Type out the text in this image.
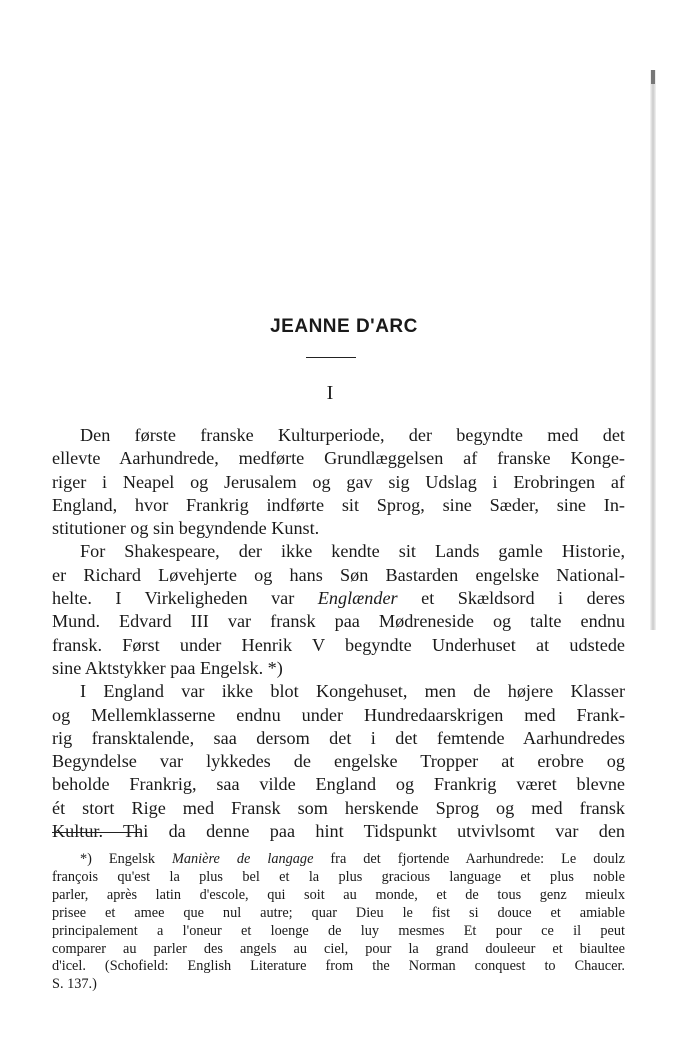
JEANNE D'ARC
I
Den første franske Kulturperiode, der begyndte med det
ellevte Aarhundrede, medførte Grundlæggelsen af franske Konge-
riger i Neapel og Jerusalem og gav sig Udslag i Erobringen af
England, hvor Frankrig indførte sit Sprog, sine Sæder, sine In-
stitutioner og sin begyndende Kunst.
For Shakespeare, der ikke kendte sit Lands gamle Historie,
er Richard Løvehjerte og hans Søn Bastarden engelske National-
helte. I Virkeligheden var Englænder et Skældsord i deres
Mund. Edvard III var fransk paa Mødreneside og talte endnu
fransk. Først under Henrik V begyndte Underhuset at udstede
sine Aktstykker paa Engelsk. *)
I England var ikke blot Kongehuset, men de højere Klasser
og Mellemklasserne endnu under Hundredaarskrigen med Frank-
rig fransktalende, saa dersom det i det femtende Aarhundredes
Begyndelse var lykkedes de engelske Tropper at erobre og
beholde Frankrig, saa vilde England og Frankrig været blevne
ét stort Rige med Fransk som herskende Sprog og med fransk
Kultur. Thi da denne paa hint Tidspunkt utvivlsomt var den
*) Engelsk Manière de langage fra det fjortende Aarhundrede: Le doulz
françois qu'est la plus bel et la plus gracious language et plus noble
parler, après latin d'escole, qui soit au monde, et de tous genz mieulx
prisee et amee que nul autre; quar Dieu le fist si douce et amiable
principalement a l'oneur et loenge de luy mesmes Et pour ce il peut
comparer au parler des angels au ciel, pour la grand douleeur et biaultee
d'icel. (Schofield: English Literature from the Norman conquest to Chaucer.
S. 137.)
